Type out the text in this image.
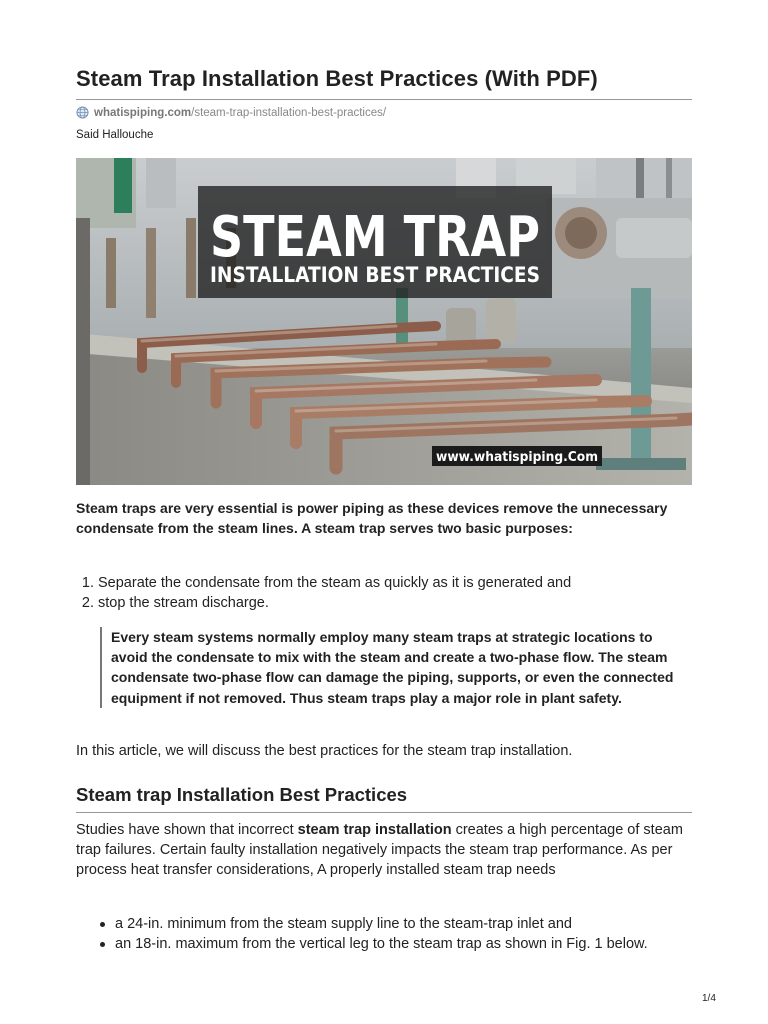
Steam Trap Installation Best Practices (With PDF)
whatispiping.com/steam-trap-installation-best-practices/
Said Hallouche
STEAM TRAP
INSTALLATION BEST PRACTICES
www.whatispiping.Com

Steam traps are very essential is power piping as these devices remove the unnecessary condensate from the steam lines. A steam trap serves two basic purposes:

1. Separate the condensate from the steam as quickly as it is generated and
2. stop the stream discharge.
Every steam systems normally employ many steam traps at strategic locations to avoid the condensate to mix with the steam and create a two-phase flow. The steam condensate two-phase flow can damage the piping, supports, or even the connected equipment if not removed. Thus steam traps play a major role in plant safety.

In this article, we will discuss the best practices for the steam trap installation.

Steam trap Installation Best Practices

Studies have shown that incorrect steam trap installation creates a high percentage of steam trap failures. Certain faulty installation negatively impacts the steam trap performance. As per process heat transfer considerations, A properly installed steam trap needs

a 24-in. minimum from the steam supply line to the steam-trap inlet and
an 18-in. maximum from the vertical leg to the steam trap as shown in Fig. 1 below.
1/4
